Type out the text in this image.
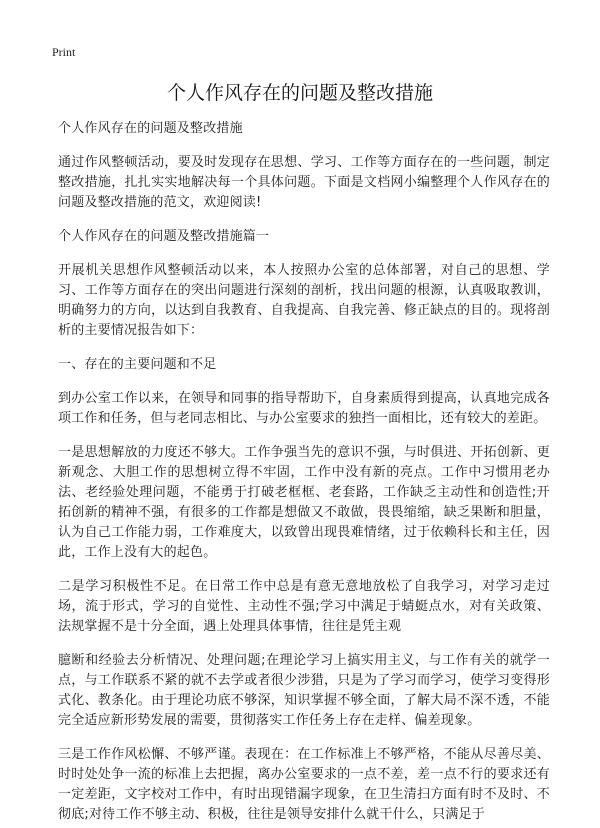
Print
个人作风存在的问题及整改措施

个人作风存在的问题及整改措施

通过作风整顿活动，要及时发现存在思想、学习、工作等方面存在的一些问题，制定整改措施，扎扎实实地解决每一个具体问题。下面是文档网小编整理个人作风存在的问题及整改措施的范文，欢迎阅读!

个人作风存在的问题及整改措施篇一

开展机关思想作风整顿活动以来，本人按照办公室的总体部署，对自己的思想、学习、工作等方面存在的突出问题进行深刻的剖析，找出问题的根源，认真吸取教训，明确努力的方向，以达到自我教育、自我提高、自我完善、修正缺点的目的。现将剖析的主要情况报告如下：

一、存在的主要问题和不足

到办公室工作以来，在领导和同事的指导帮助下，自身素质得到提高，认真地完成各项工作和任务，但与老同志相比、与办公室要求的独挡一面相比，还有较大的差距。

一是思想解放的力度还不够大。工作争强当先的意识不强，与时俱进、开拓创新、更新观念、大胆工作的思想树立得不牢固，工作中没有新的亮点。工作中习惯用老办法、老经验处理问题，不能勇于打破老框框、老套路，工作缺乏主动性和创造性;开拓创新的精神不强，有很多的工作都是想做又不敢做，畏畏缩缩，缺乏果断和胆量，认为自己工作能力弱，工作难度大，以致曾出现畏难情绪，过于依赖科长和主任，因此，工作上没有大的起色。

二是学习积极性不足。在日常工作中总是有意无意地放松了自我学习，对学习走过场，流于形式，学习的自觉性、主动性不强;学习中满足于蜻蜓点水，对有关政策、法规掌握不是十分全面，遇上处理具体事情，往往是凭主观

臆断和经验去分析情况、处理问题;在理论学习上搞实用主义，与工作有关的就学一点，与工作联系不紧的就不去学或者很少涉猎，只是为了学习而学习，使学习变得形式化、教条化。由于理论功底不够深，知识掌握不够全面，了解大局不深不透，不能完全适应新形势发展的需要，贯彻落实工作任务上存在走样、偏差现象。

三是工作作风松懈、不够严谨。表现在：在工作标准上不够严格，不能从尽善尽美、时时处处争一流的标准上去把握，离办公室要求的一点不差，差一点不行的要求还有一定差距，文字校对工作中，有时出现错漏字现象，在卫生清扫方面有时不及时、不彻底;对待工作不够主动、积极，往往是领导安排什么就干什么，只满足于
